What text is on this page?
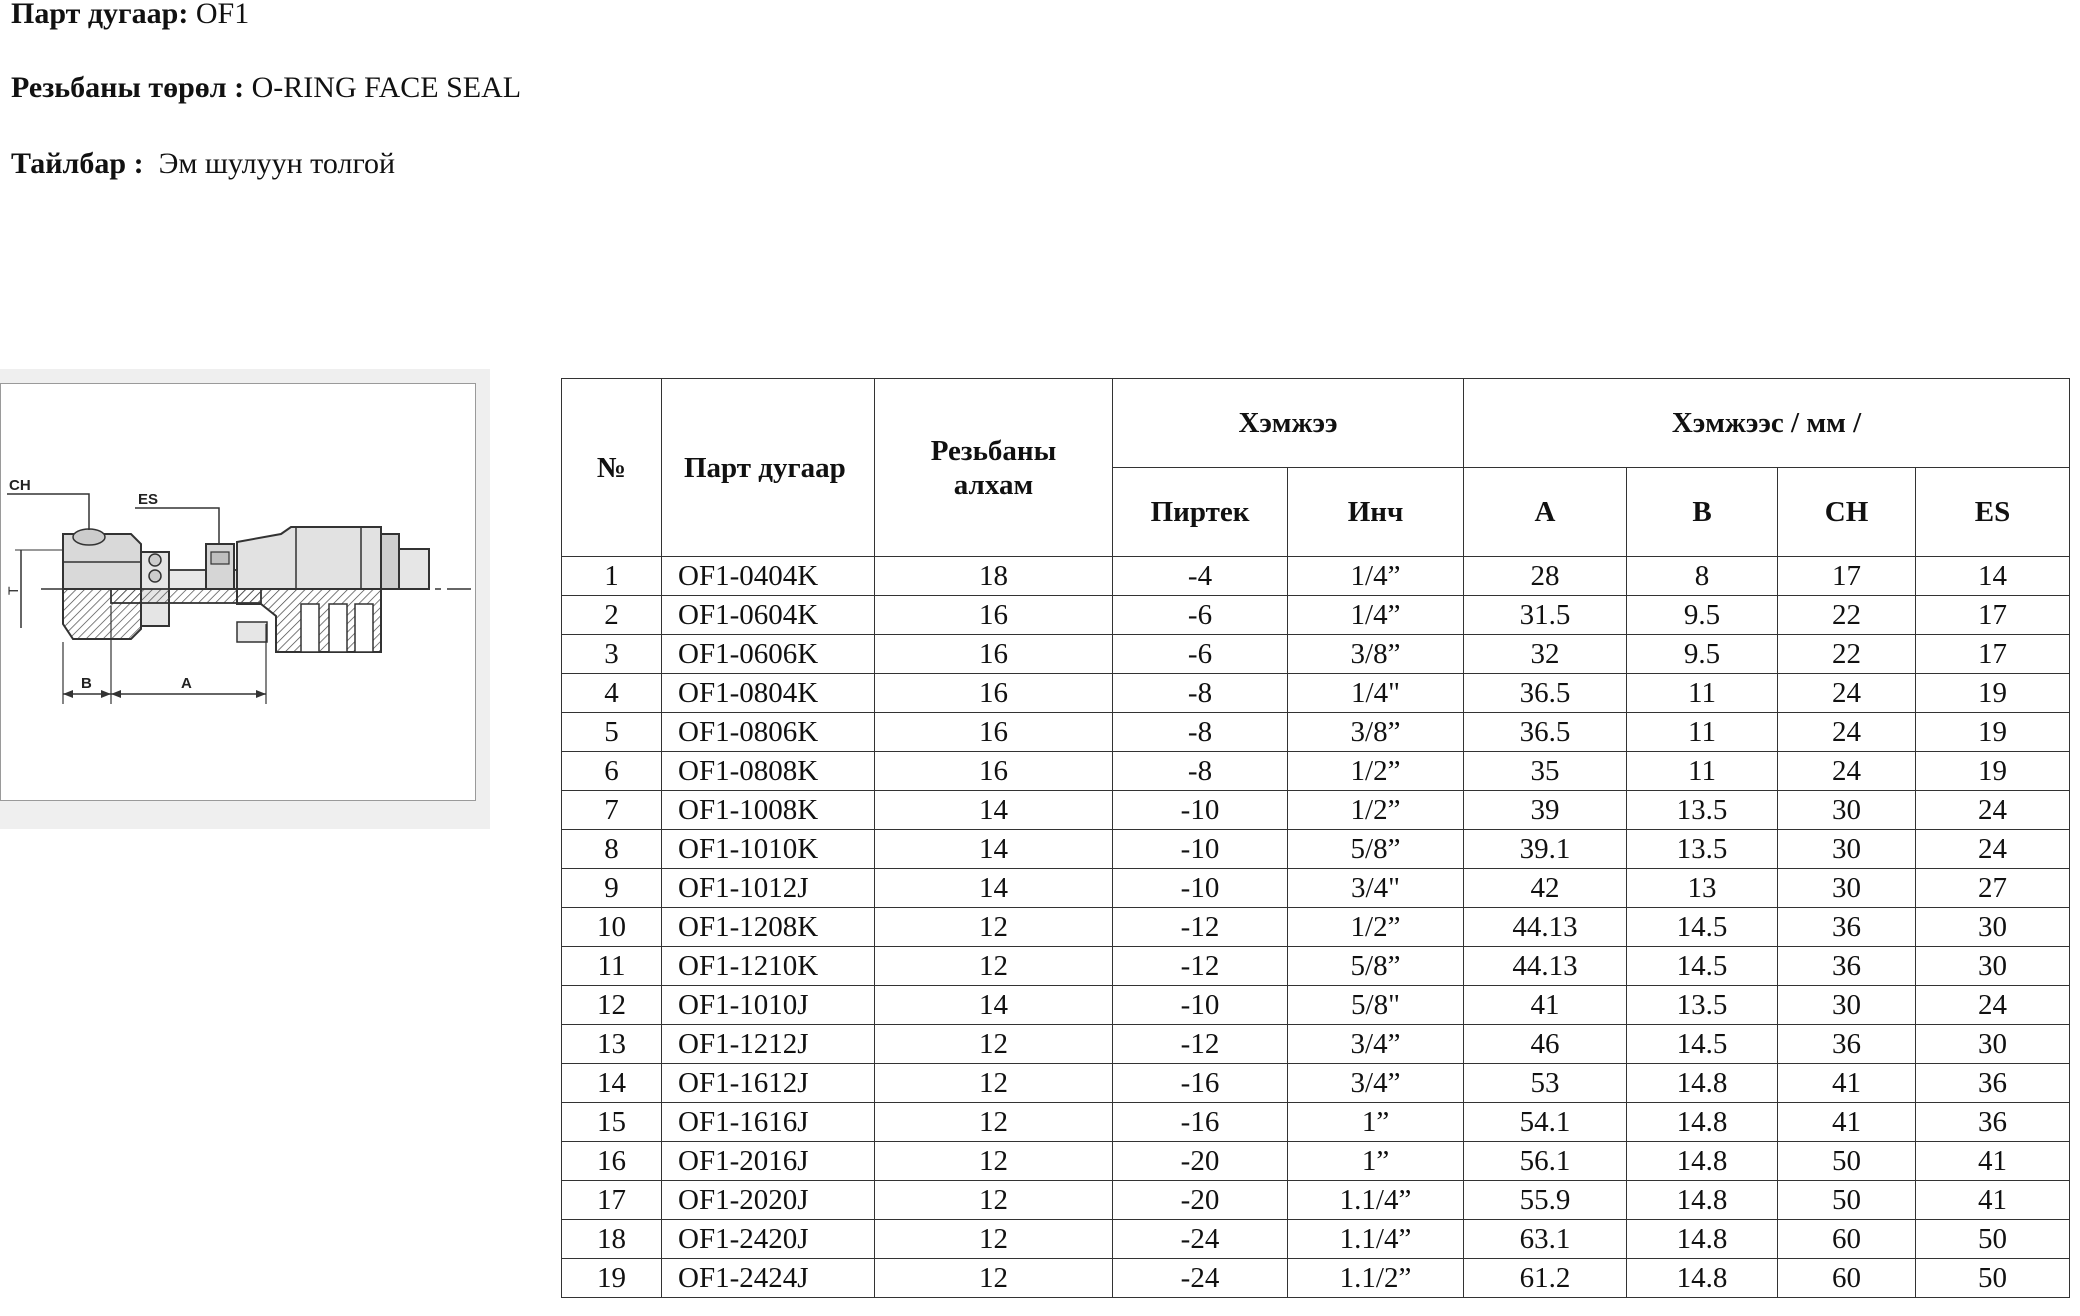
Парт дугаар: OF1
Резьбаны төрөл : O-RING FACE SEAL
Тайлбар :  Эм шулуун толгой
CH
ES
T
B	A
№	Парт дугаар	Резьбаны алхам	Хэмжээ		Хэмжээс / мм /			
			Пиртек	Инч	A	B	CH	ES
1	OF1-0404K	18	-4	1/4”	28	8	17	14
2	OF1-0604K	16	-6	1/4”	31.5	9.5	22	17
3	OF1-0606K	16	-6	3/8”	32	9.5	22	17
4	OF1-0804K	16	-8	1/4"	36.5	11	24	19
5	OF1-0806K	16	-8	3/8”	36.5	11	24	19
6	OF1-0808K	16	-8	1/2”	35	11	24	19
7	OF1-1008K	14	-10	1/2”	39	13.5	30	24
8	OF1-1010K	14	-10	5/8”	39.1	13.5	30	24
9	OF1-1012J	14	-10	3/4"	42	13	30	27
10	OF1-1208K	12	-12	1/2”	44.13	14.5	36	30
11	OF1-1210K	12	-12	5/8”	44.13	14.5	36	30
12	OF1-1010J	14	-10	5/8"	41	13.5	30	24
13	OF1-1212J	12	-12	3/4”	46	14.5	36	30
14	OF1-1612J	12	-16	3/4”	53	14.8	41	36
15	OF1-1616J	12	-16	1”	54.1	14.8	41	36
16	OF1-2016J	12	-20	1”	56.1	14.8	50	41
17	OF1-2020J	12	-20	1.1/4”	55.9	14.8	50	41
18	OF1-2420J	12	-24	1.1/4”	63.1	14.8	60	50
19	OF1-2424J	12	-24	1.1/2”	61.2	14.8	60	50
